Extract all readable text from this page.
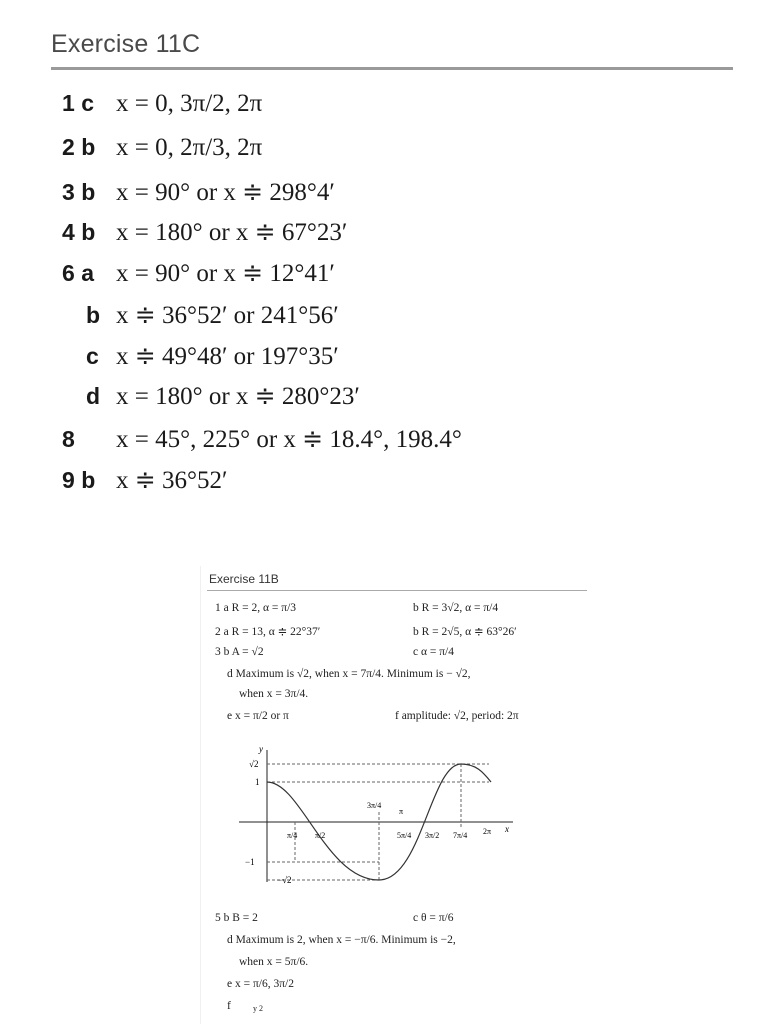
Exercise 11C
1 c x = 0, 3π/2, 2π
2 b x = 0, 2π/3, 2π
3 b x = 90° or x ≑ 298°4′
4 b x = 180° or x ≑ 67°23′
6 a x = 90° or x ≑ 12°41′
b x ≑ 36°52′ or 241°56′
c x ≑ 49°48′ or 197°35′
d x = 180° or x ≑ 280°23′
8 x = 45°, 225° or x ≑ 18.4°, 198.4°
9 b x ≑ 36°52′
Exercise 11B
1 a R = 2, α = π/3	b R = 3√2, α = π/4
2 a R = 13, α ≑ 22°37′	b R = 2√5, α ≑ 63°26′
3 b A = √2	c α = π/4
d Maximum is √2, when x = 7π/4. Minimum is − √2,
when x = 3π/4.
e x = π/2 or π	f amplitude: √2, period: 2π
y
x
√2
1
−1
−√2
π/4 π/2	5π/4 3π/2 7π/4 2π
3π/4
π
5 b B = 2	c θ = π/6
d Maximum is 2, when x = −π/6. Minimum is −2,
when x = 5π/6.
e x = π/6, 3π/2
f	y 2
